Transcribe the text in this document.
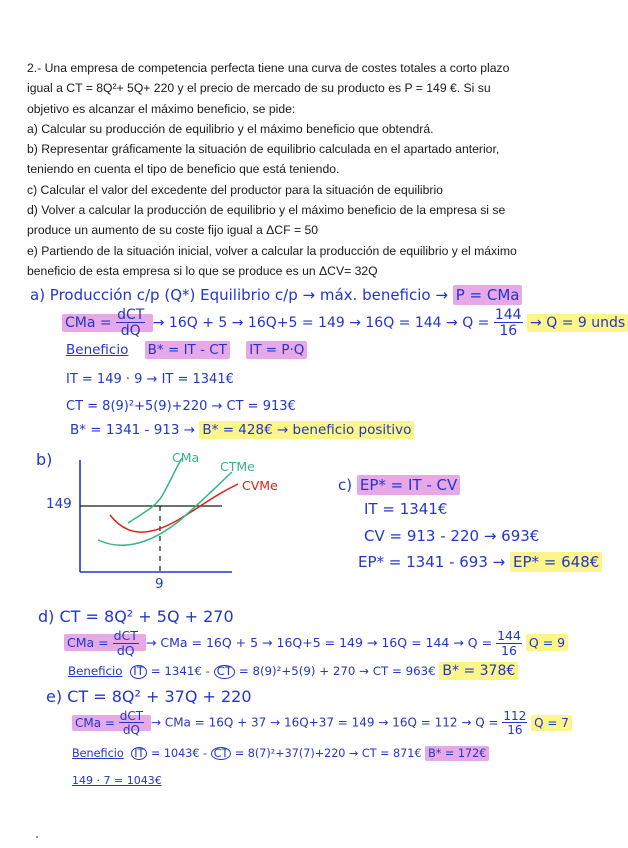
2.- Una empresa de competencia perfecta tiene una curva de costes totales a corto plazo

igual a CT = 8Q²+ 5Q+ 220 y el precio de mercado de su producto es P = 149 €. Si su

objetivo es alcanzar el máximo beneficio, se pide:

a) Calcular su producción de equilibrio y el máximo beneficio que obtendrá.

b) Representar gráficamente la situación de equilibrio calculada en el apartado anterior,

teniendo en cuenta el tipo de beneficio que está teniendo.

c) Calcular el valor del excedente del productor para la situación de equilibrio

d) Volver a calcular la producción de equilibrio y el máximo beneficio de la empresa si se

produce un aumento de su coste fijo igual a ΔCF = 50

e) Partiendo de la situación inicial, volver a calcular la producción de equilibrio y el máximo

beneficio de esta empresa si lo que se produce es un ΔCV= 32Q

a) Producción c/p (Q*) Equilibrio c/p → máx. beneficio → P = CMa
CMa = $\frac{\text{dCT}}{dQ} \to 16Q + 5 \to 16Q+5 = 149 \to 16Q = 144 \to Q = \frac{144}{16} \to Q = 9$ unds
Beneficio B* = IT - CT IT = P·Q
IT = 149 · 9 → IT = 1341€
CT = 8(9)²+5(9)+220 → CT = 913€
B* = 1341 - 913 → B* = 428€ → beneficio positivo
b)
149
9
CMa
CTMe
CVMe	c) EP* = IT - CV
IT = 1341€
CV = 913 - 220 → 693€
EP* = 1341 - 693 → EP* = 648€
d) CT = 8Q² + 5Q + 270
CMa = $\frac{\text{dCT}}{dQ}$ → CMa = $16Q + 5 \to 16Q+5 = 149 \to 16Q = 144 \to Q = \frac{144}{16}$ Q = 9
Beneficio IT = 1341€ - CT = 8(9)²+5(9) + 270 → CT = 963€ B* = 378€
e) CT = 8Q² + 37Q + 220
CMa = $\frac{\text{dCT}}{dQ}$ → CMa = $16Q + 37 \to 16Q+37 = 149 \to 16Q = 112 \to Q = \frac{112}{16}$ Q = 7
Beneficio IT = 1043€ - CT = 8(7)²+37(7)+220 → CT = 871€ B* = 172€
149 · 7 = 1043€
